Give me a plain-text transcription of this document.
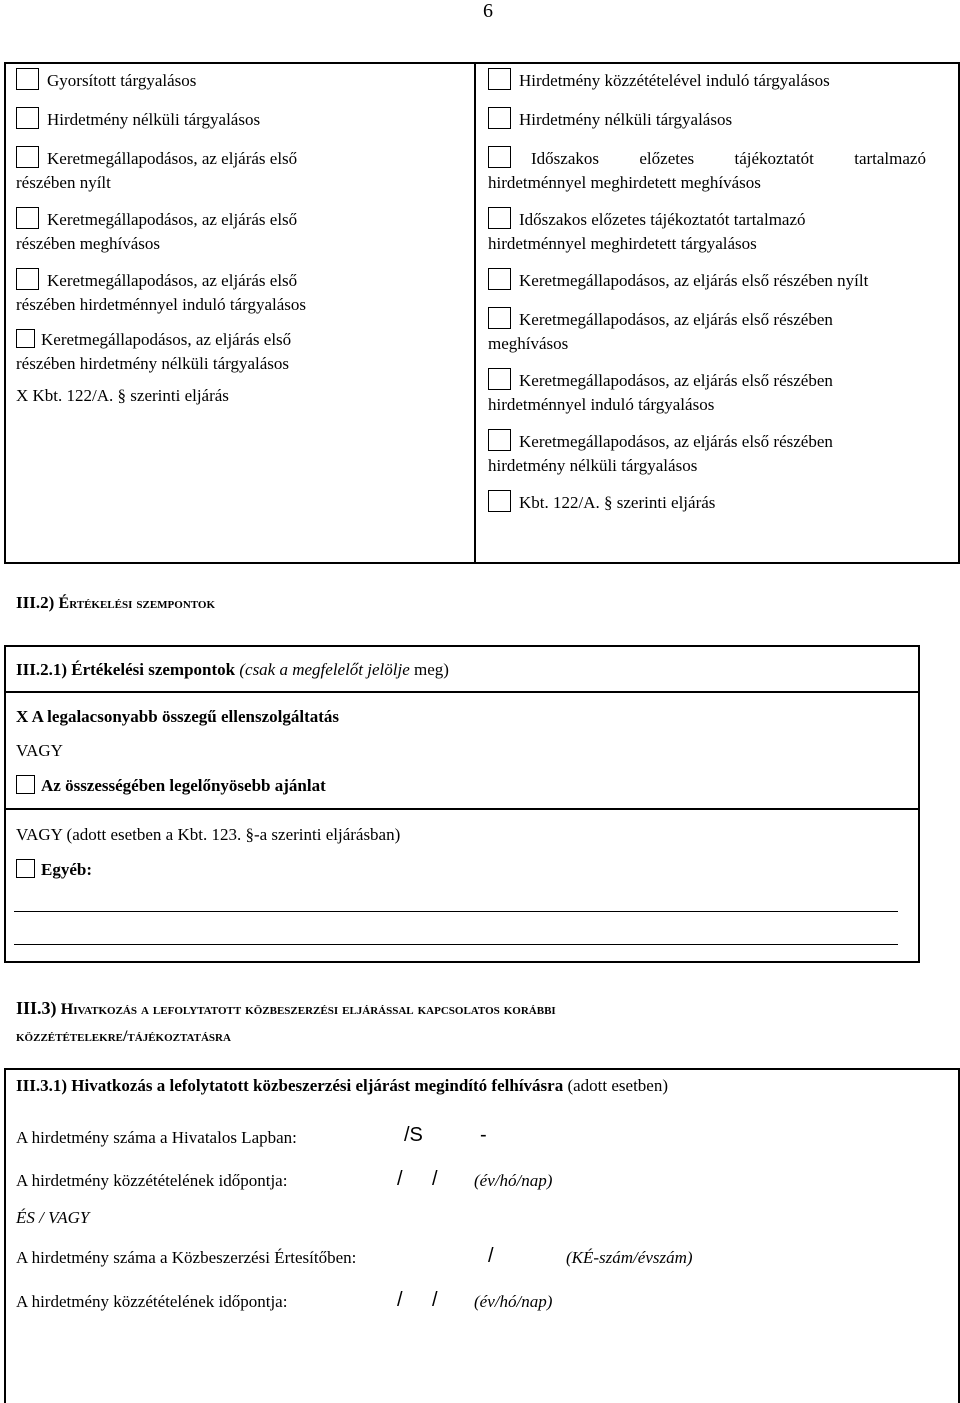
6
Gyorsított tárgyalásos
Hirdetmény nélküli tárgyalásos
Keretmegállapodásos, az eljárás első
részében nyílt
Keretmegállapodásos, az eljárás első
részében meghívásos
Keretmegállapodásos, az eljárás első
részében hirdetménnyel induló tárgyalásos
Keretmegállapodásos, az eljárás első
részében hirdetmény nélküli tárgyalásos
X Kbt. 122/A. § szerinti eljárás
Hirdetmény közzétételével induló tárgyalásos
Hirdetmény nélküli tárgyalásos
Időszakos előzetes tájékoztatót tartalmazó
hirdetménnyel meghirdetett meghívásos
Időszakos előzetes tájékoztatót tartalmazó
hirdetménnyel meghirdetett tárgyalásos
Keretmegállapodásos, az eljárás első részében nyílt
Keretmegállapodásos, az eljárás első részében
meghívásos
Keretmegállapodásos, az eljárás első részében
hirdetménnyel induló tárgyalásos
Keretmegállapodásos, az eljárás első részében
hirdetmény nélküli tárgyalásos
Kbt. 122/A. § szerinti eljárás
III.2) Értékelési szempontok
III.2.1) Értékelési szempontok (csak a megfelelőt jelölje meg)
X A legalacsonyabb összegű ellenszolgáltatás
VAGY
Az összességében legelőnyösebb ajánlat
VAGY (adott esetben a Kbt. 123. §-a szerinti eljárásban)
Egyéb:
III.3) Hivatkozás a lefolytatott közbeszerzési eljárással kapcsolatos korábbi
közzétételekre/tájékoztatásra
III.3.1) Hivatkozás a lefolytatott közbeszerzési eljárást megindító felhívásra (adott esetben)
A hirdetmény száma a Hivatalos Lapban:	/S	-
A hirdetmény közzétételének időpontja:	/ / (év/hó/nap)
ÉS / VAGY
A hirdetmény száma a Közbeszerzési Értesítőben:	/	(KÉ-szám/évszám)
A hirdetmény közzétételének időpontja:	/ / (év/hó/nap)
